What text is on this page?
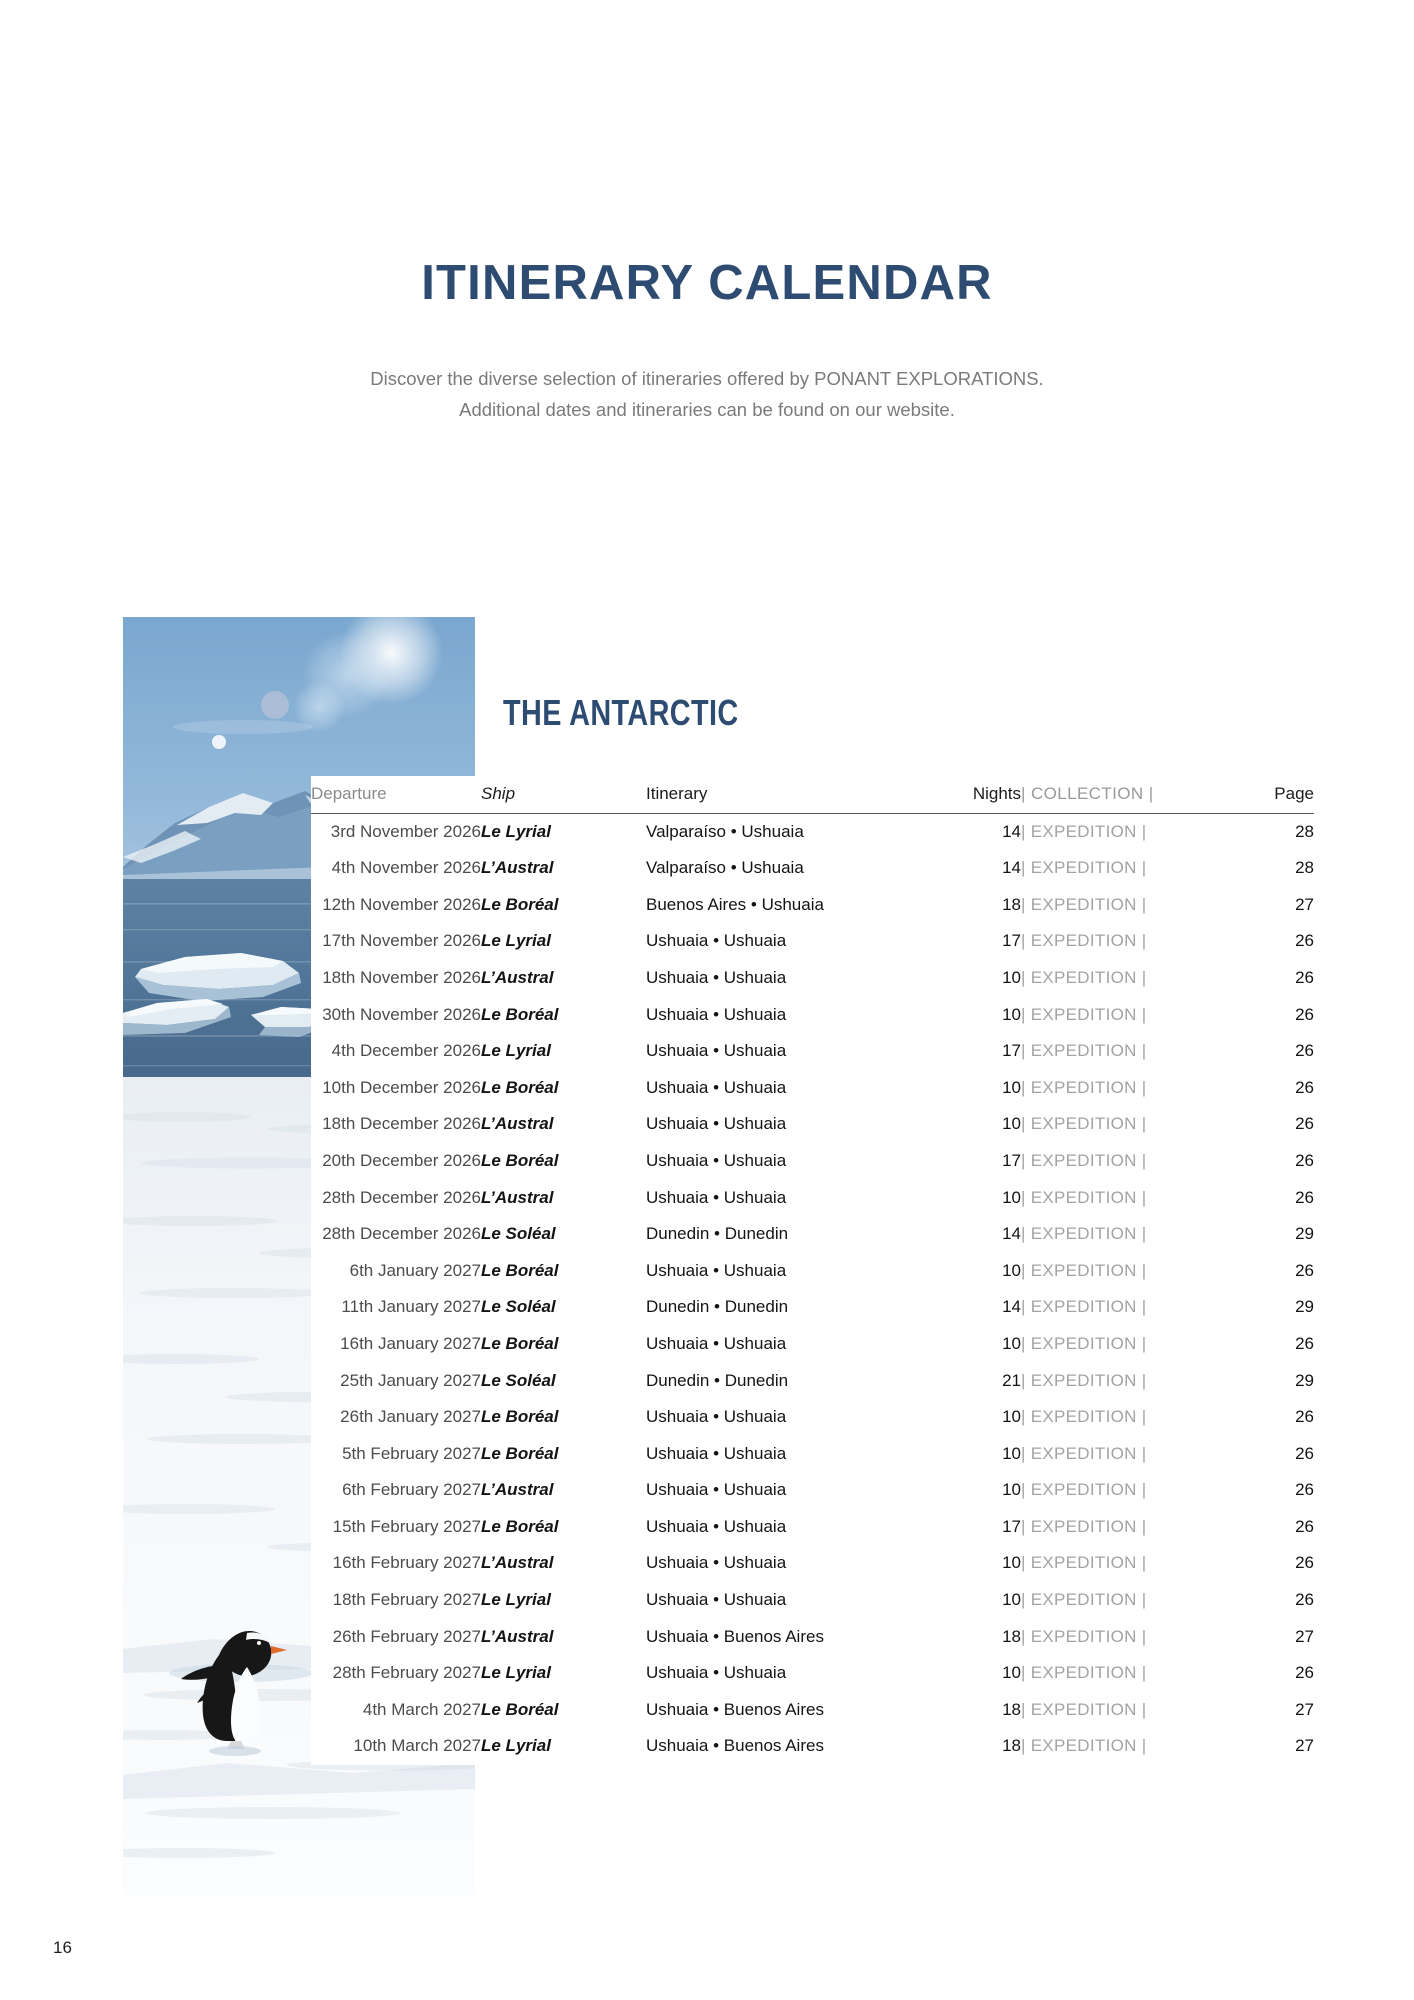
ITINERARY CALENDAR
Discover the diverse selection of itineraries offered by PONANT EXPLORATIONS.
Additional dates and itineraries can be found on our website.
THE ANTARCTIC
Departure	Ship	Itinerary	Nights	| COLLECTION |	Page
3rd November 2026	Le Lyrial	Valparaíso • Ushuaia	14	| EXPEDITION |	28
4th November 2026	L’Austral	Valparaíso • Ushuaia	14	| EXPEDITION |	28
12th November 2026	Le Boréal	Buenos Aires • Ushuaia	18	| EXPEDITION |	27
17th November 2026	Le Lyrial	Ushuaia • Ushuaia	17	| EXPEDITION |	26
18th November 2026	L’Austral	Ushuaia • Ushuaia	10	| EXPEDITION |	26
30th November 2026	Le Boréal	Ushuaia • Ushuaia	10	| EXPEDITION |	26
4th December 2026	Le Lyrial	Ushuaia • Ushuaia	17	| EXPEDITION |	26
10th December 2026	Le Boréal	Ushuaia • Ushuaia	10	| EXPEDITION |	26
18th December 2026	L’Austral	Ushuaia • Ushuaia	10	| EXPEDITION |	26
20th December 2026	Le Boréal	Ushuaia • Ushuaia	17	| EXPEDITION |	26
28th December 2026	L’Austral	Ushuaia • Ushuaia	10	| EXPEDITION |	26
28th December 2026	Le Soléal	Dunedin • Dunedin	14	| EXPEDITION |	29
6th January 2027	Le Boréal	Ushuaia • Ushuaia	10	| EXPEDITION |	26
11th January 2027	Le Soléal	Dunedin • Dunedin	14	| EXPEDITION |	29
16th January 2027	Le Boréal	Ushuaia • Ushuaia	10	| EXPEDITION |	26
25th January 2027	Le Soléal	Dunedin • Dunedin	21	| EXPEDITION |	29
26th January 2027	Le Boréal	Ushuaia • Ushuaia	10	| EXPEDITION |	26
5th February 2027	Le Boréal	Ushuaia • Ushuaia	10	| EXPEDITION |	26
6th February 2027	L’Austral	Ushuaia • Ushuaia	10	| EXPEDITION |	26
15th February 2027	Le Boréal	Ushuaia • Ushuaia	17	| EXPEDITION |	26
16th February 2027	L’Austral	Ushuaia • Ushuaia	10	| EXPEDITION |	26
18th February 2027	Le Lyrial	Ushuaia • Ushuaia	10	| EXPEDITION |	26
26th February 2027	L’Austral	Ushuaia • Buenos Aires	18	| EXPEDITION |	27
28th February 2027	Le Lyrial	Ushuaia • Ushuaia	10	| EXPEDITION |	26
4th March 2027	Le Boréal	Ushuaia • Buenos Aires	18	| EXPEDITION |	27
10th March 2027	Le Lyrial	Ushuaia • Buenos Aires	18	| EXPEDITION |	27
16
